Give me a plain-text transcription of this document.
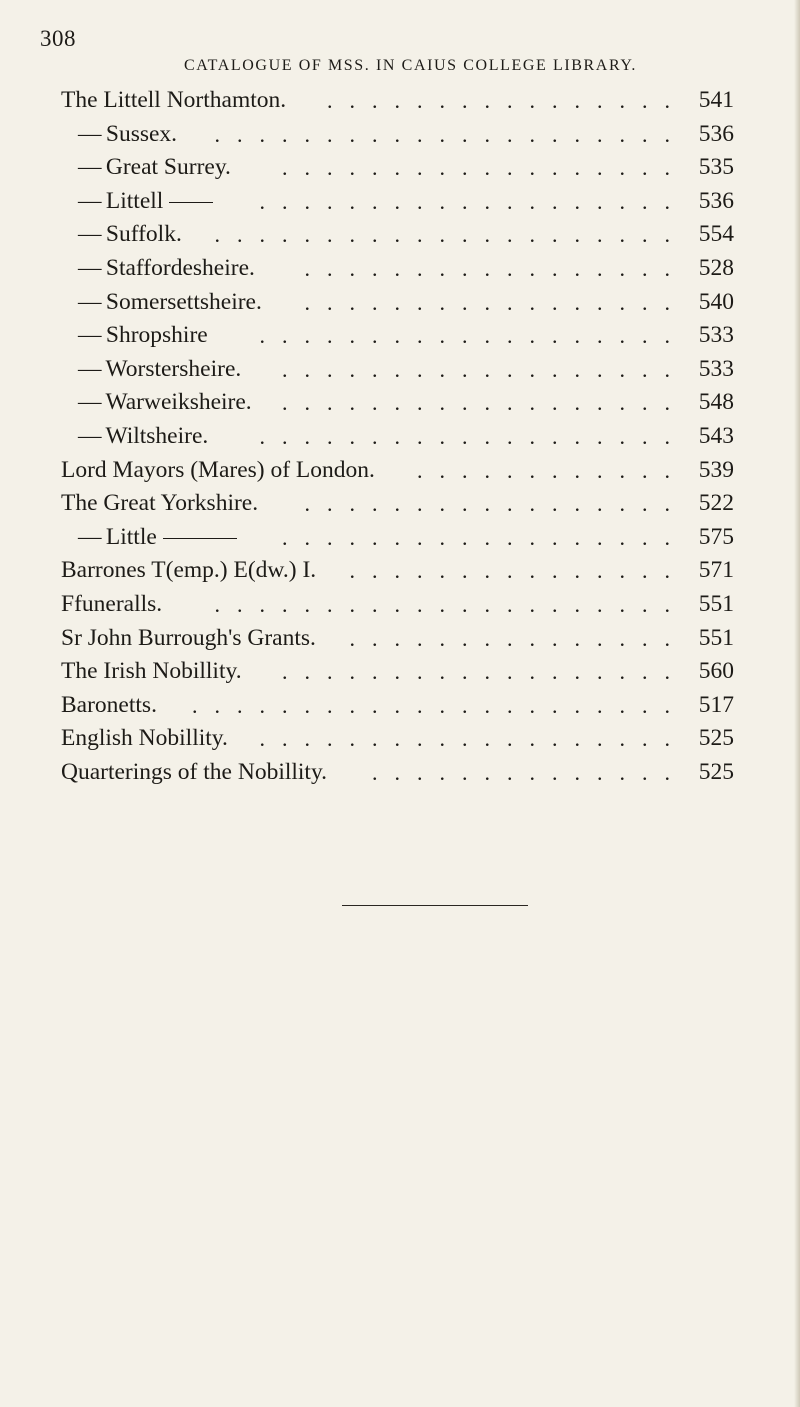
308
CATALOGUE OF MSS. IN CAIUS COLLEGE LIBRARY.
The Littell Northamton. ................ 541
— Sussex. ..................... 536
— Great Surrey. .................. 535
— Littell	................... 536
— Suffolk. ..................... 554
— Staffordesheire. ................. 528
— Somersettsheire. ................. 540
— Shropshire ................... 533
— Worstersheire. .................. 533
— Warweiksheire. .................. 548
— Wiltsheire. ................... 543
Lord Mayors (Mares) of London. ............ 539
The Great Yorkshire. ................. 522
— Little	.................. 575
Barrones T(emp.) E(dw.) I. ............... 571
Ffuneralls. ..................... 551
Sr John Burrough's Grants. ............... 551
The Irish Nobillity. .................. 560
Baronetts. ...................... 517
English Nobillity. ................... 525
Quarterings of the Nobillity. .............. 525
